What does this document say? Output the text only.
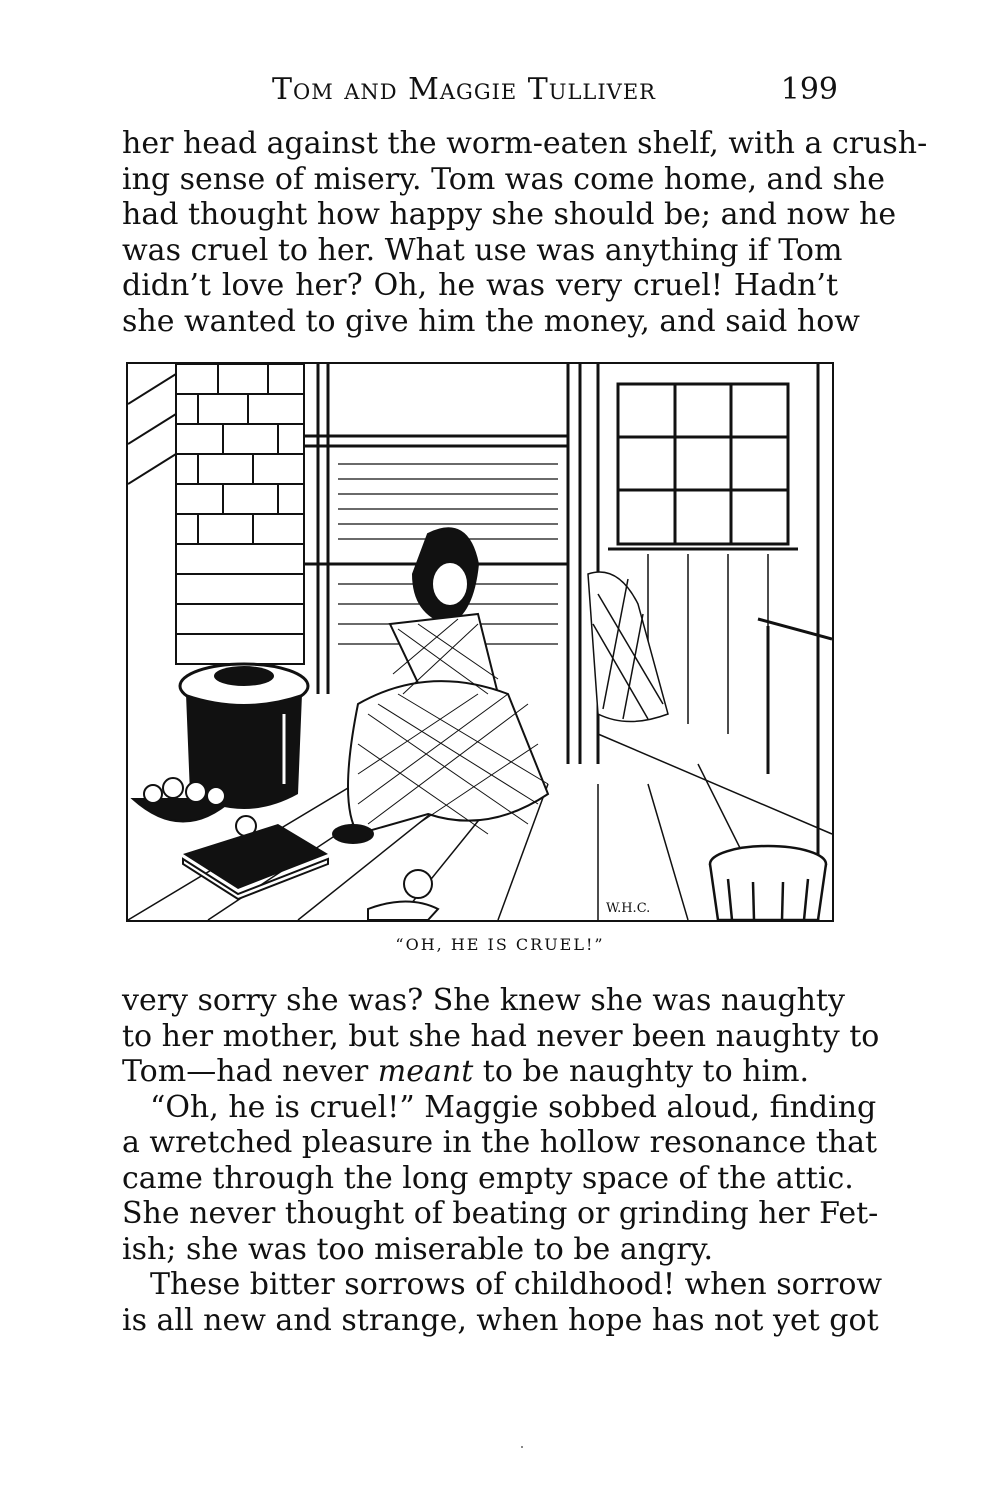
Tom and Maggie Tulliver	199
her head against the worm-eaten shelf, with a crush-
ing sense of misery. Tom was come home, and she
had thought how happy she should be; and now he
was cruel to her. What use was anything if Tom
didn’t love her? Oh, he was very cruel! Hadn’t
she wanted to give him the money, and said how
W.H.C.
“OH, HE IS CRUEL!”
very sorry she was? She knew she was naughty
to her mother, but she had never been naughty to
Tom—had never meant to be naughty to him.
“Oh, he is cruel!” Maggie sobbed aloud, finding
a wretched pleasure in the hollow resonance that
came through the long empty space of the attic.
She never thought of beating or grinding her Fet-
ish; she was too miserable to be angry.
These bitter sorrows of childhood! when sorrow
is all new and strange, when hope has not yet got
